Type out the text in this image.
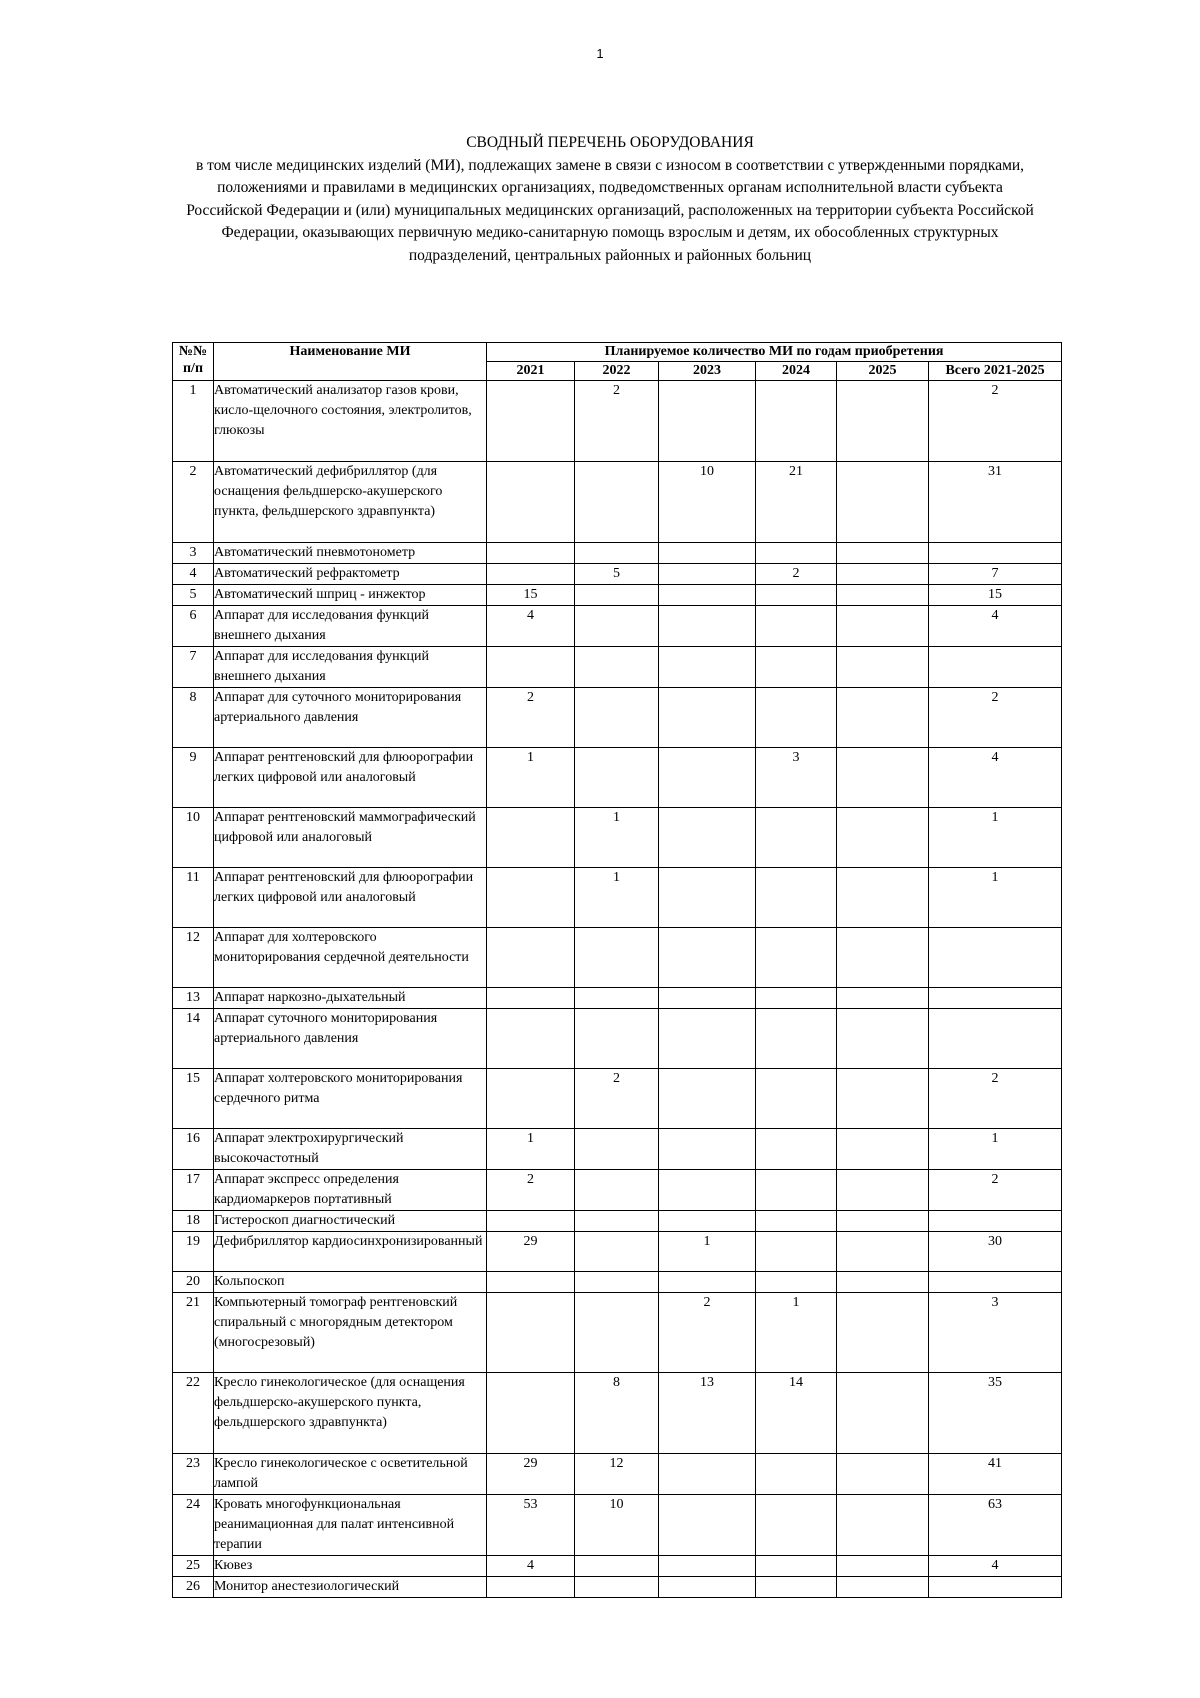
1
СВОДНЫЙ ПЕРЕЧЕНЬ ОБОРУДОВАНИЯ
в том числе медицинских изделий (МИ), подлежащих замене в связи с износом в соответствии с утвержденными порядками, положениями и правилами в медицинских организациях, подведомственных органам исполнительной власти субъекта Российской Федерации и (или) муниципальных медицинских организаций, расположенных на территории субъекта Российской Федерации, оказывающих первичную медико-санитарную помощь взрослым и детям, их обособленных структурных подразделений, центральных районных и районных больниц
№№ п/п	Наименование МИ	Планируемое количество МИ по годам приобретения					
		2021	2022	2023	2024	2025	Всего 2021-2025
1	Автоматический анализатор газов крови, кисло-щелочного состояния, электролитов, глюкозы		2				2
2	Автоматический дефибриллятор (для оснащения фельдшерско-акушерского пункта, фельдшерского здравпункта)			10	21		31
3	Автоматический пневмотонометр						
4	Автоматический рефрактометр		5		2		7
5	Автоматический шприц - инжектор	15					15
6	Аппарат для исследования функций внешнего дыхания	4					4
7	Аппарат для исследования функций внешнего дыхания						
8	Аппарат для суточного мониторирования артериального давления	2					2
9	Аппарат рентгеновский для флюорографии легких цифровой или аналоговый	1			3		4
10	Аппарат рентгеновский маммографический цифровой или аналоговый		1				1
11	Аппарат рентгеновский для флюорографии легких цифровой или аналоговый		1				1
12	Аппарат для холтеровского мониторирования сердечной деятельности						
13	Аппарат наркозно-дыхательный						
14	Аппарат суточного мониторирования артериального давления						
15	Аппарат холтеровского мониторирования сердечного ритма		2				2
16	Аппарат электрохирургический высокочастотный	1					1
17	Аппарат экспресс определения кардиомаркеров портативный	2					2
18	Гистероскоп диагностический						
19	Дефибриллятор кардиосинхронизированный	29		1			30
20	Кольпоскоп						
21	Компьютерный томограф рентгеновский спиральный с многорядным детектором (многосрезовый)			2	1		3
22	Кресло гинекологическое (для оснащения фельдшерско-акушерского пункта, фельдшерского здравпункта)		8	13	14		35
23	Кресло гинекологическое с осветительной лампой	29	12				41
24	Кровать многофункциональная реанимационная для палат интенсивной терапии	53	10				63
25	Кювез	4					4
26	Монитор анестезиологический						
